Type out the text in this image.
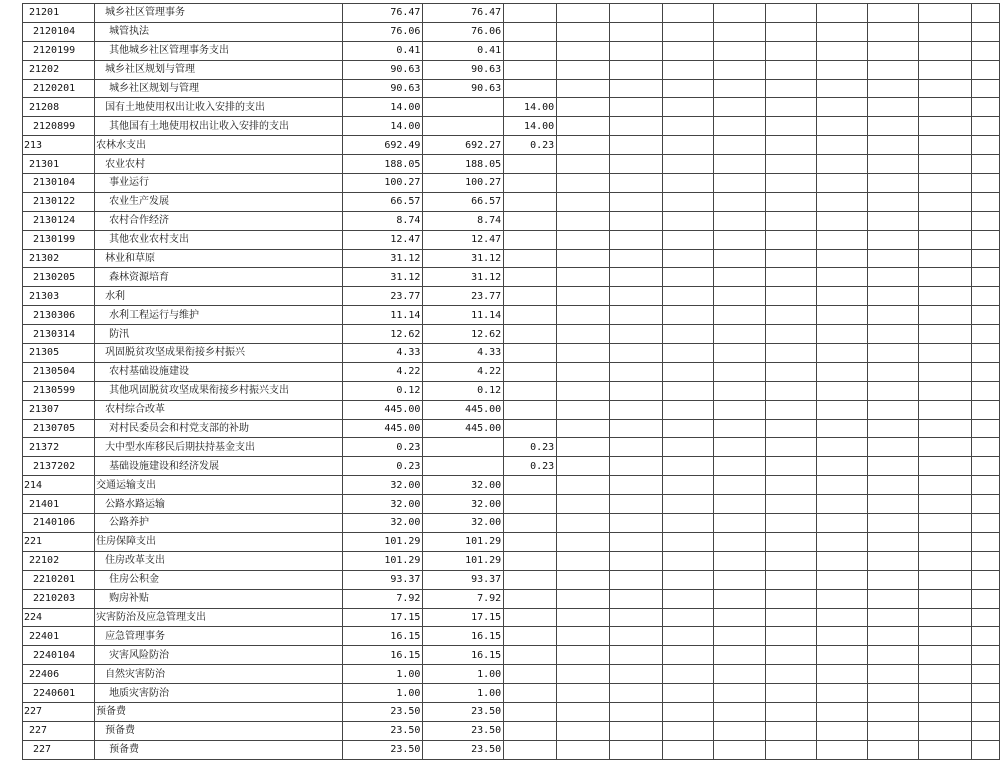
21201	城乡社区管理事务	76.47	76.47										
2120104	城管执法	76.06	76.06										
2120199	其他城乡社区管理事务支出	0.41	0.41										
21202	城乡社区规划与管理	90.63	90.63										
2120201	城乡社区规划与管理	90.63	90.63										
21208	国有土地使用权出让收入安排的支出	14.00		14.00									
2120899	其他国有土地使用权出让收入安排的支出	14.00		14.00									
213	农林水支出	692.49	692.27	0.23									
21301	农业农村	188.05	188.05										
2130104	事业运行	100.27	100.27										
2130122	农业生产发展	66.57	66.57										
2130124	农村合作经济	8.74	8.74										
2130199	其他农业农村支出	12.47	12.47										
21302	林业和草原	31.12	31.12										
2130205	森林资源培育	31.12	31.12										
21303	水利	23.77	23.77										
2130306	水利工程运行与维护	11.14	11.14										
2130314	防汛	12.62	12.62										
21305	巩固脱贫攻坚成果衔接乡村振兴	4.33	4.33										
2130504	农村基础设施建设	4.22	4.22										
2130599	其他巩固脱贫攻坚成果衔接乡村振兴支出	0.12	0.12										
21307	农村综合改革	445.00	445.00										
2130705	对村民委员会和村党支部的补助	445.00	445.00										
21372	大中型水库移民后期扶持基金支出	0.23		0.23									
2137202	基础设施建设和经济发展	0.23		0.23									
214	交通运输支出	32.00	32.00										
21401	公路水路运输	32.00	32.00										
2140106	公路养护	32.00	32.00										
221	住房保障支出	101.29	101.29										
22102	住房改革支出	101.29	101.29										
2210201	住房公积金	93.37	93.37										
2210203	购房补贴	7.92	7.92										
224	灾害防治及应急管理支出	17.15	17.15										
22401	应急管理事务	16.15	16.15										
2240104	灾害风险防治	16.15	16.15										
22406	自然灾害防治	1.00	1.00										
2240601	地质灾害防治	1.00	1.00										
227	预备费	23.50	23.50										
227	预备费	23.50	23.50										
227	预备费	23.50	23.50										
